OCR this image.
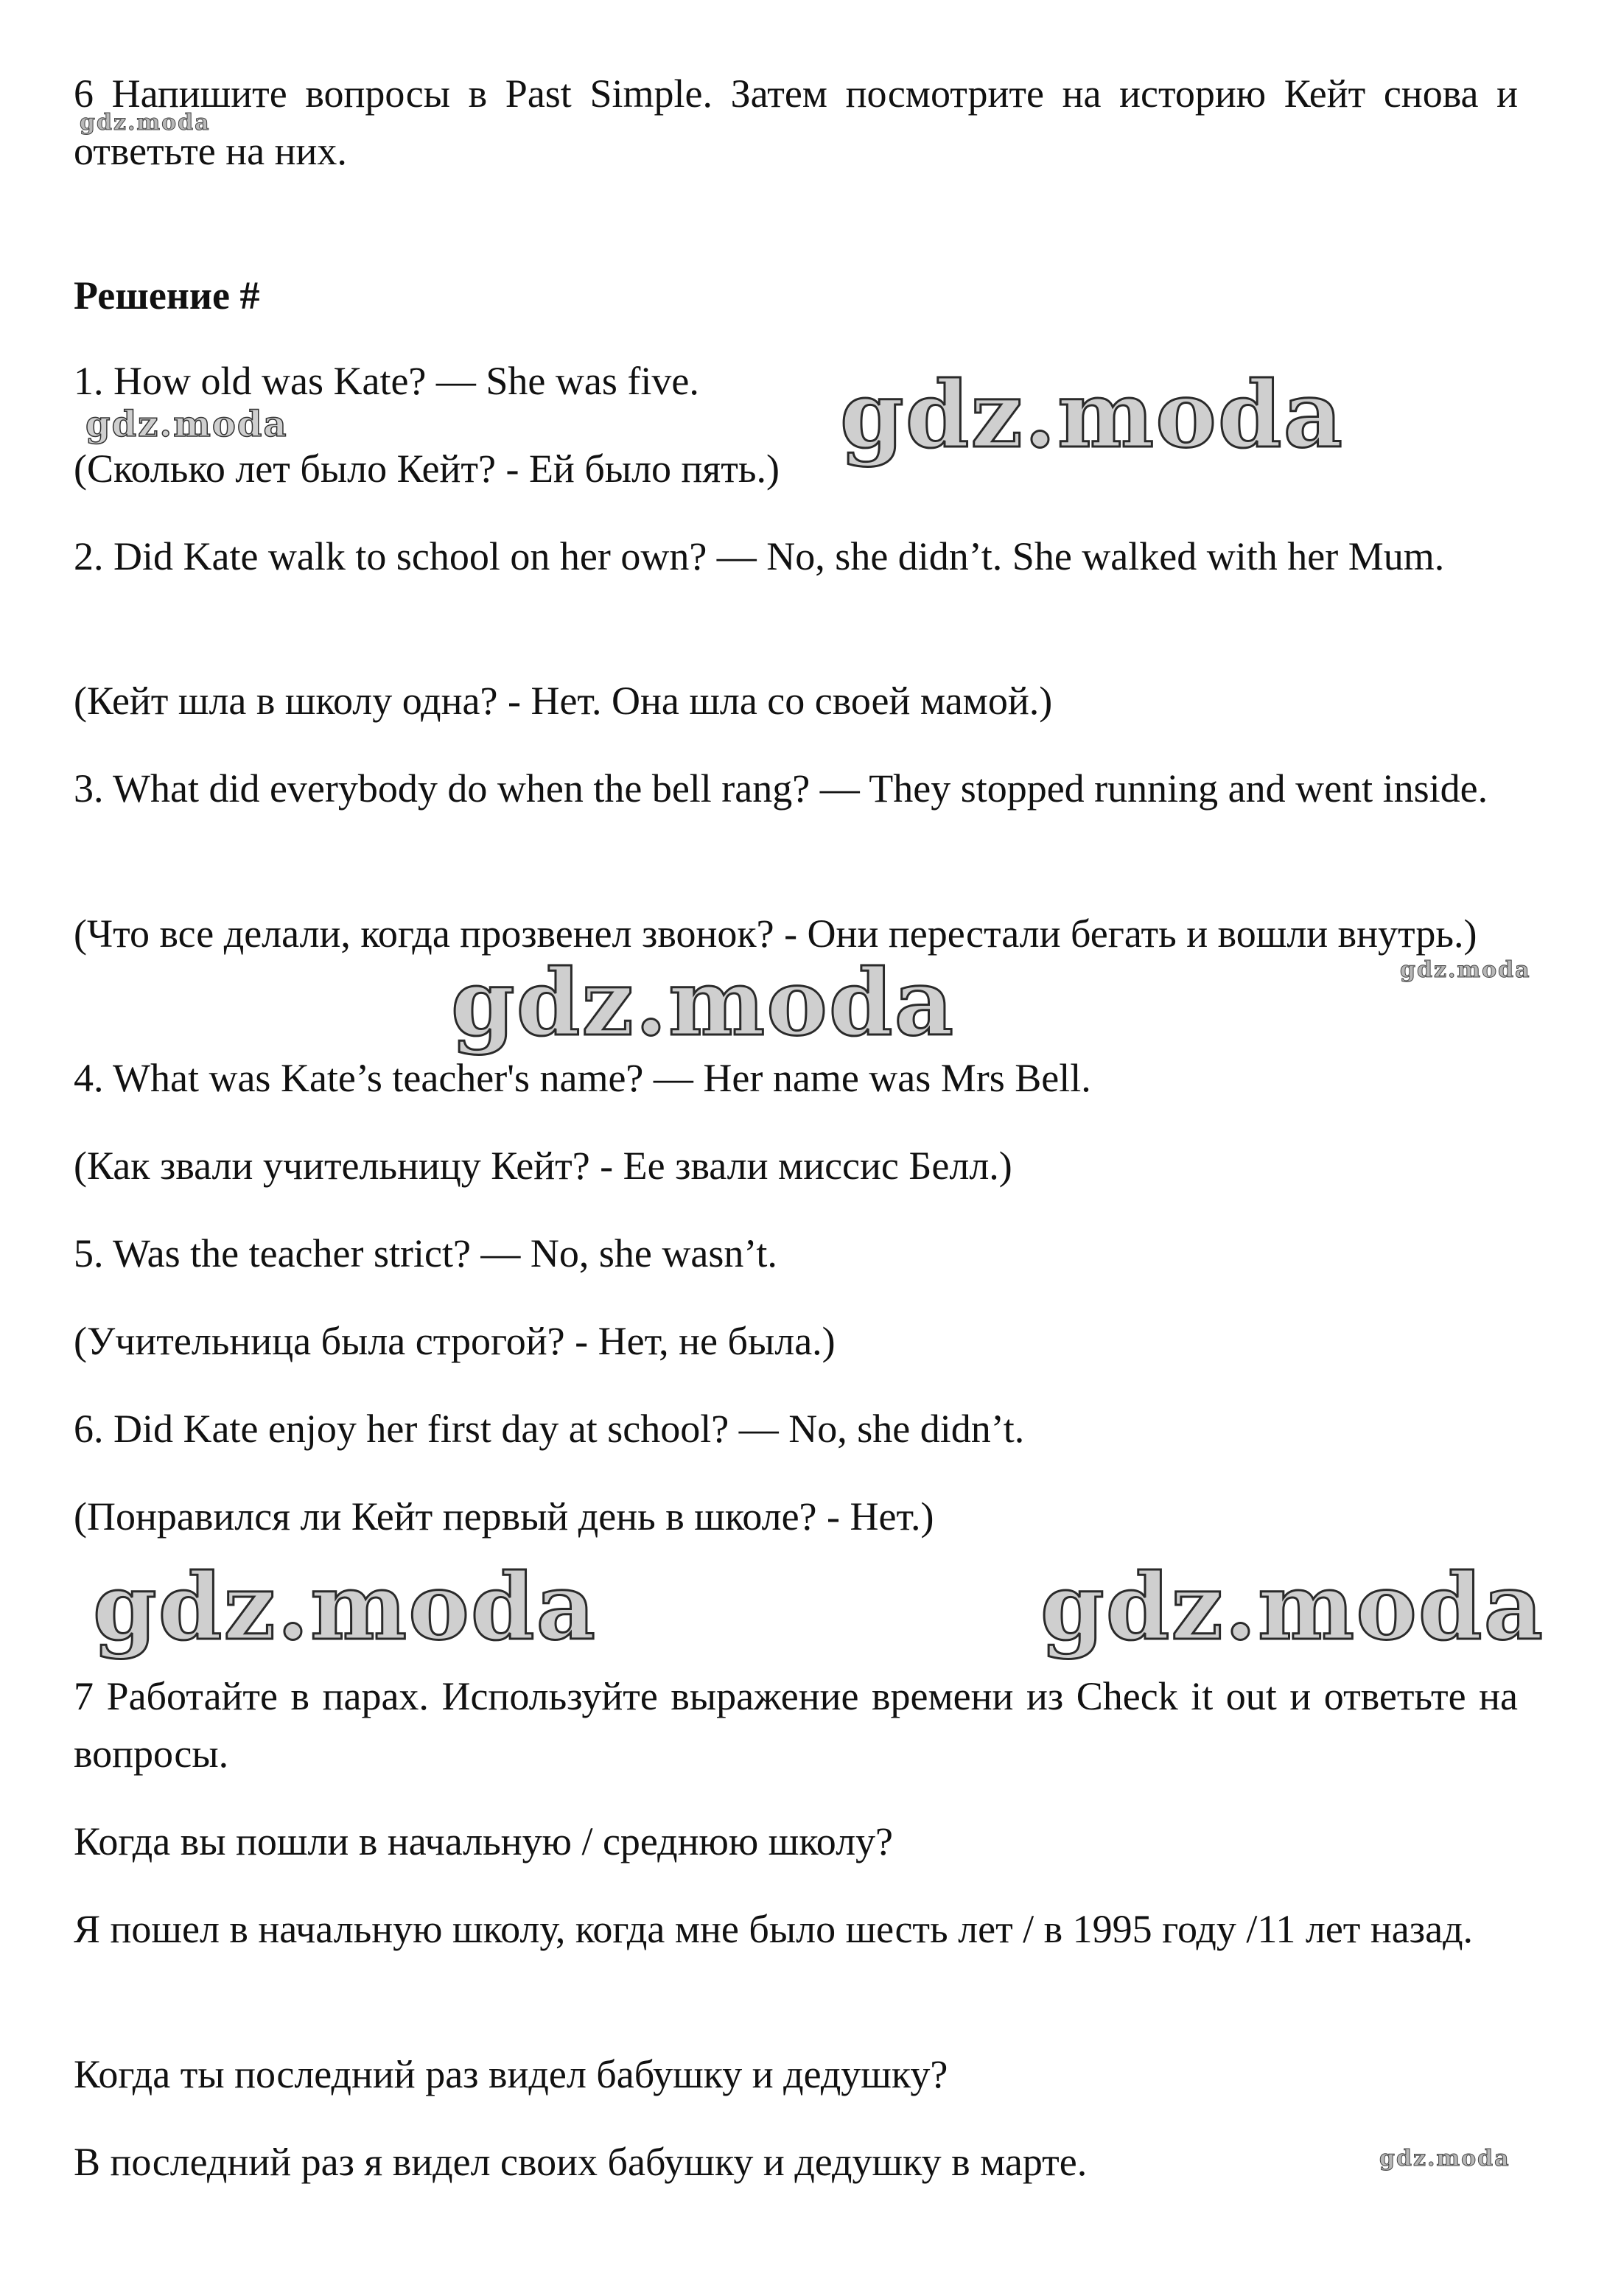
6 Напишите вопросы в Past Simple. Затем посмотрите на историю Кейт снова и ответьте на них.

Решение #

1. How old was Kate? — She was five.

(Сколько лет было Кейт? - Ей было пять.)

2. Did Kate walk to school on her own? — No, she didn’t. She walked with her Mum.

(Кейт шла в школу одна? - Нет. Она шла со своей мамой.)

3. What did everybody do when the bell rang? — They stopped running and went inside.

(Что все делали, когда прозвенел звонок? - Они перестали бегать и вошли внутрь.)

4. What was Kate’s teacher's name? — Her name was Mrs Bell.

(Как звали учительницу Кейт? - Ее звали миссис Белл.)

5. Was the teacher strict? — No, she wasn’t.

(Учительница была строгой? - Нет, не была.)

6. Did Kate enjoy her first day at school? — No, she didn’t.

(Понравился ли Кейт первый день в школе? - Нет.)

7 Работайте в парах. Используйте выражение времени из Check it out и ответьте на вопросы.

Когда вы пошли в начальную / среднюю школу?

Я пошел в начальную школу, когда мне было шесть лет / в 1995 году /11 лет назад.

Когда ты последний раз видел бабушку и дедушку?

В последний раз я видел своих бабушку и дедушку в марте.

gdz.moda

gdz.moda	gdz.moda

gdz.moda

gdz.moda

gdz.moda	gdz.moda

gdz.moda
